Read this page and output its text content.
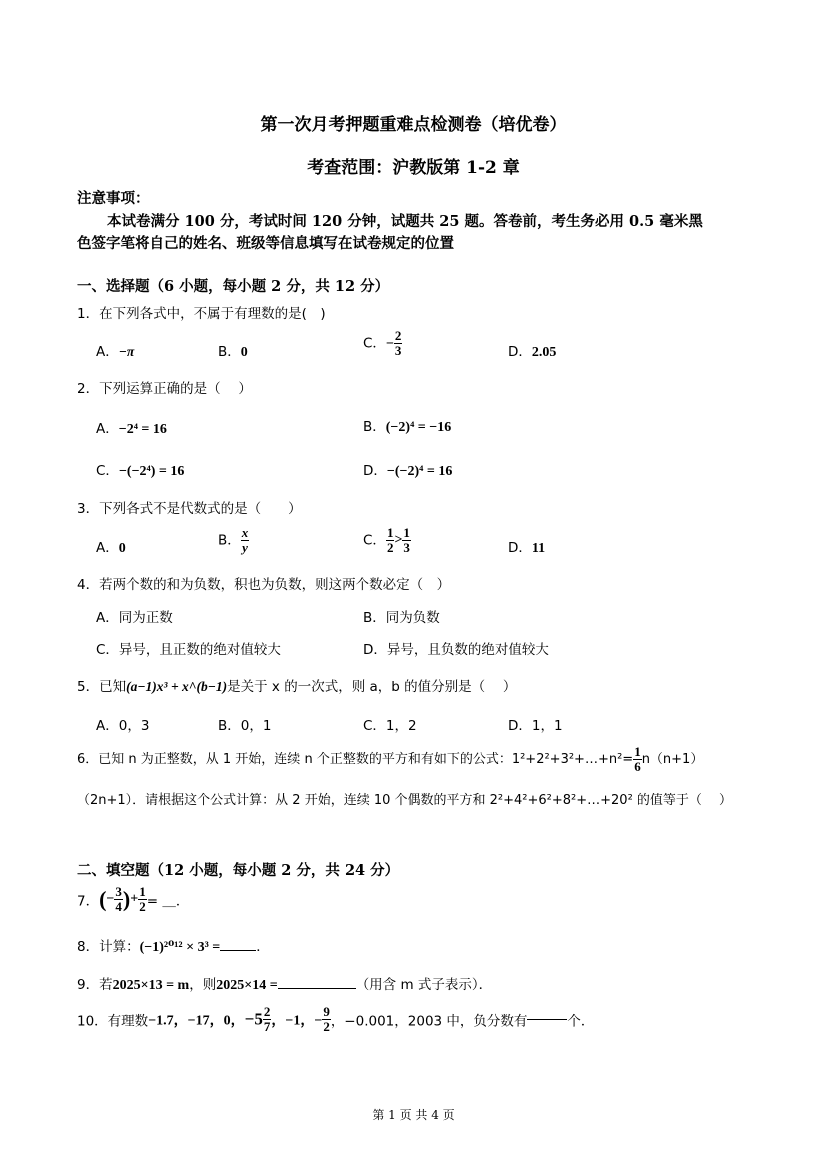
第一次月考押题重难点检测卷（培优卷）
考查范围：沪教版第 1-2 章
注意事项：
本试卷满分 100 分，考试时间 120 分钟，试题共 25 题。答卷前，考生务必用 0.5 毫米黑
色签字笔将自己的姓名、班级等信息填写在试卷规定的位置
一、选择题（6 小题，每小题 2 分，共 12 分）
1．在下列各式中，不属于有理数的是(　)
A．−π	B．0
C．− $\frac{2}{3}$	D．2.05
2．下列运算正确的是（　 ）
A．−2⁴ = 16	B．(−2)⁴ = −16
C．−(−2⁴) = 16	D．−(−2)⁴ = 16
3．下列各式不是代数式的是（　　）
A．0	B． $\frac{x}{y}$	C． $\frac{1}{2} > \frac{1}{3}$	D．11
4．若两个数的和为负数，积也为负数，则这两个数必定（　）
A．同为正数	B．同为负数
C．异号，且正数的绝对值较大	D．异号，且负数的绝对值较大
5．已知(a−1)x³ + x^(b−1)是关于 x 的一次式，则 a，b 的值分别是（　 ）
A．0，3	B．0，1	C．1，2	D．1，1
6．已知 n 为正整数，从 1 开始，连续 n 个正整数的平方和有如下的公式：1²+2²+3²+…+n²= $\frac{1}{6} n(n+1)$
（2n+1）．请根据这个公式计算：从 2 开始，连续 10 个偶数的平方和 2²+4²+6²+8²+…+20² 的值等于（　 ）
二、填空题（12 小题，每小题 2 分，共 24 分）
7．(− $\frac{3}{4}$ )+ $\frac{1}{2}$ = ＿．
8．计算：(−1)²⁰¹² × 3³ =	．
9．若2025×13 = m，则2025×14 =	（用含 m 式子表示）．
10．有理数−1.7，−17，0，$-5 \frac{2}{7}$ ，−1，− $\frac{9}{2}$ ，−0.001，2003 中，负分数有	个．
第 1 页 共 4 页
